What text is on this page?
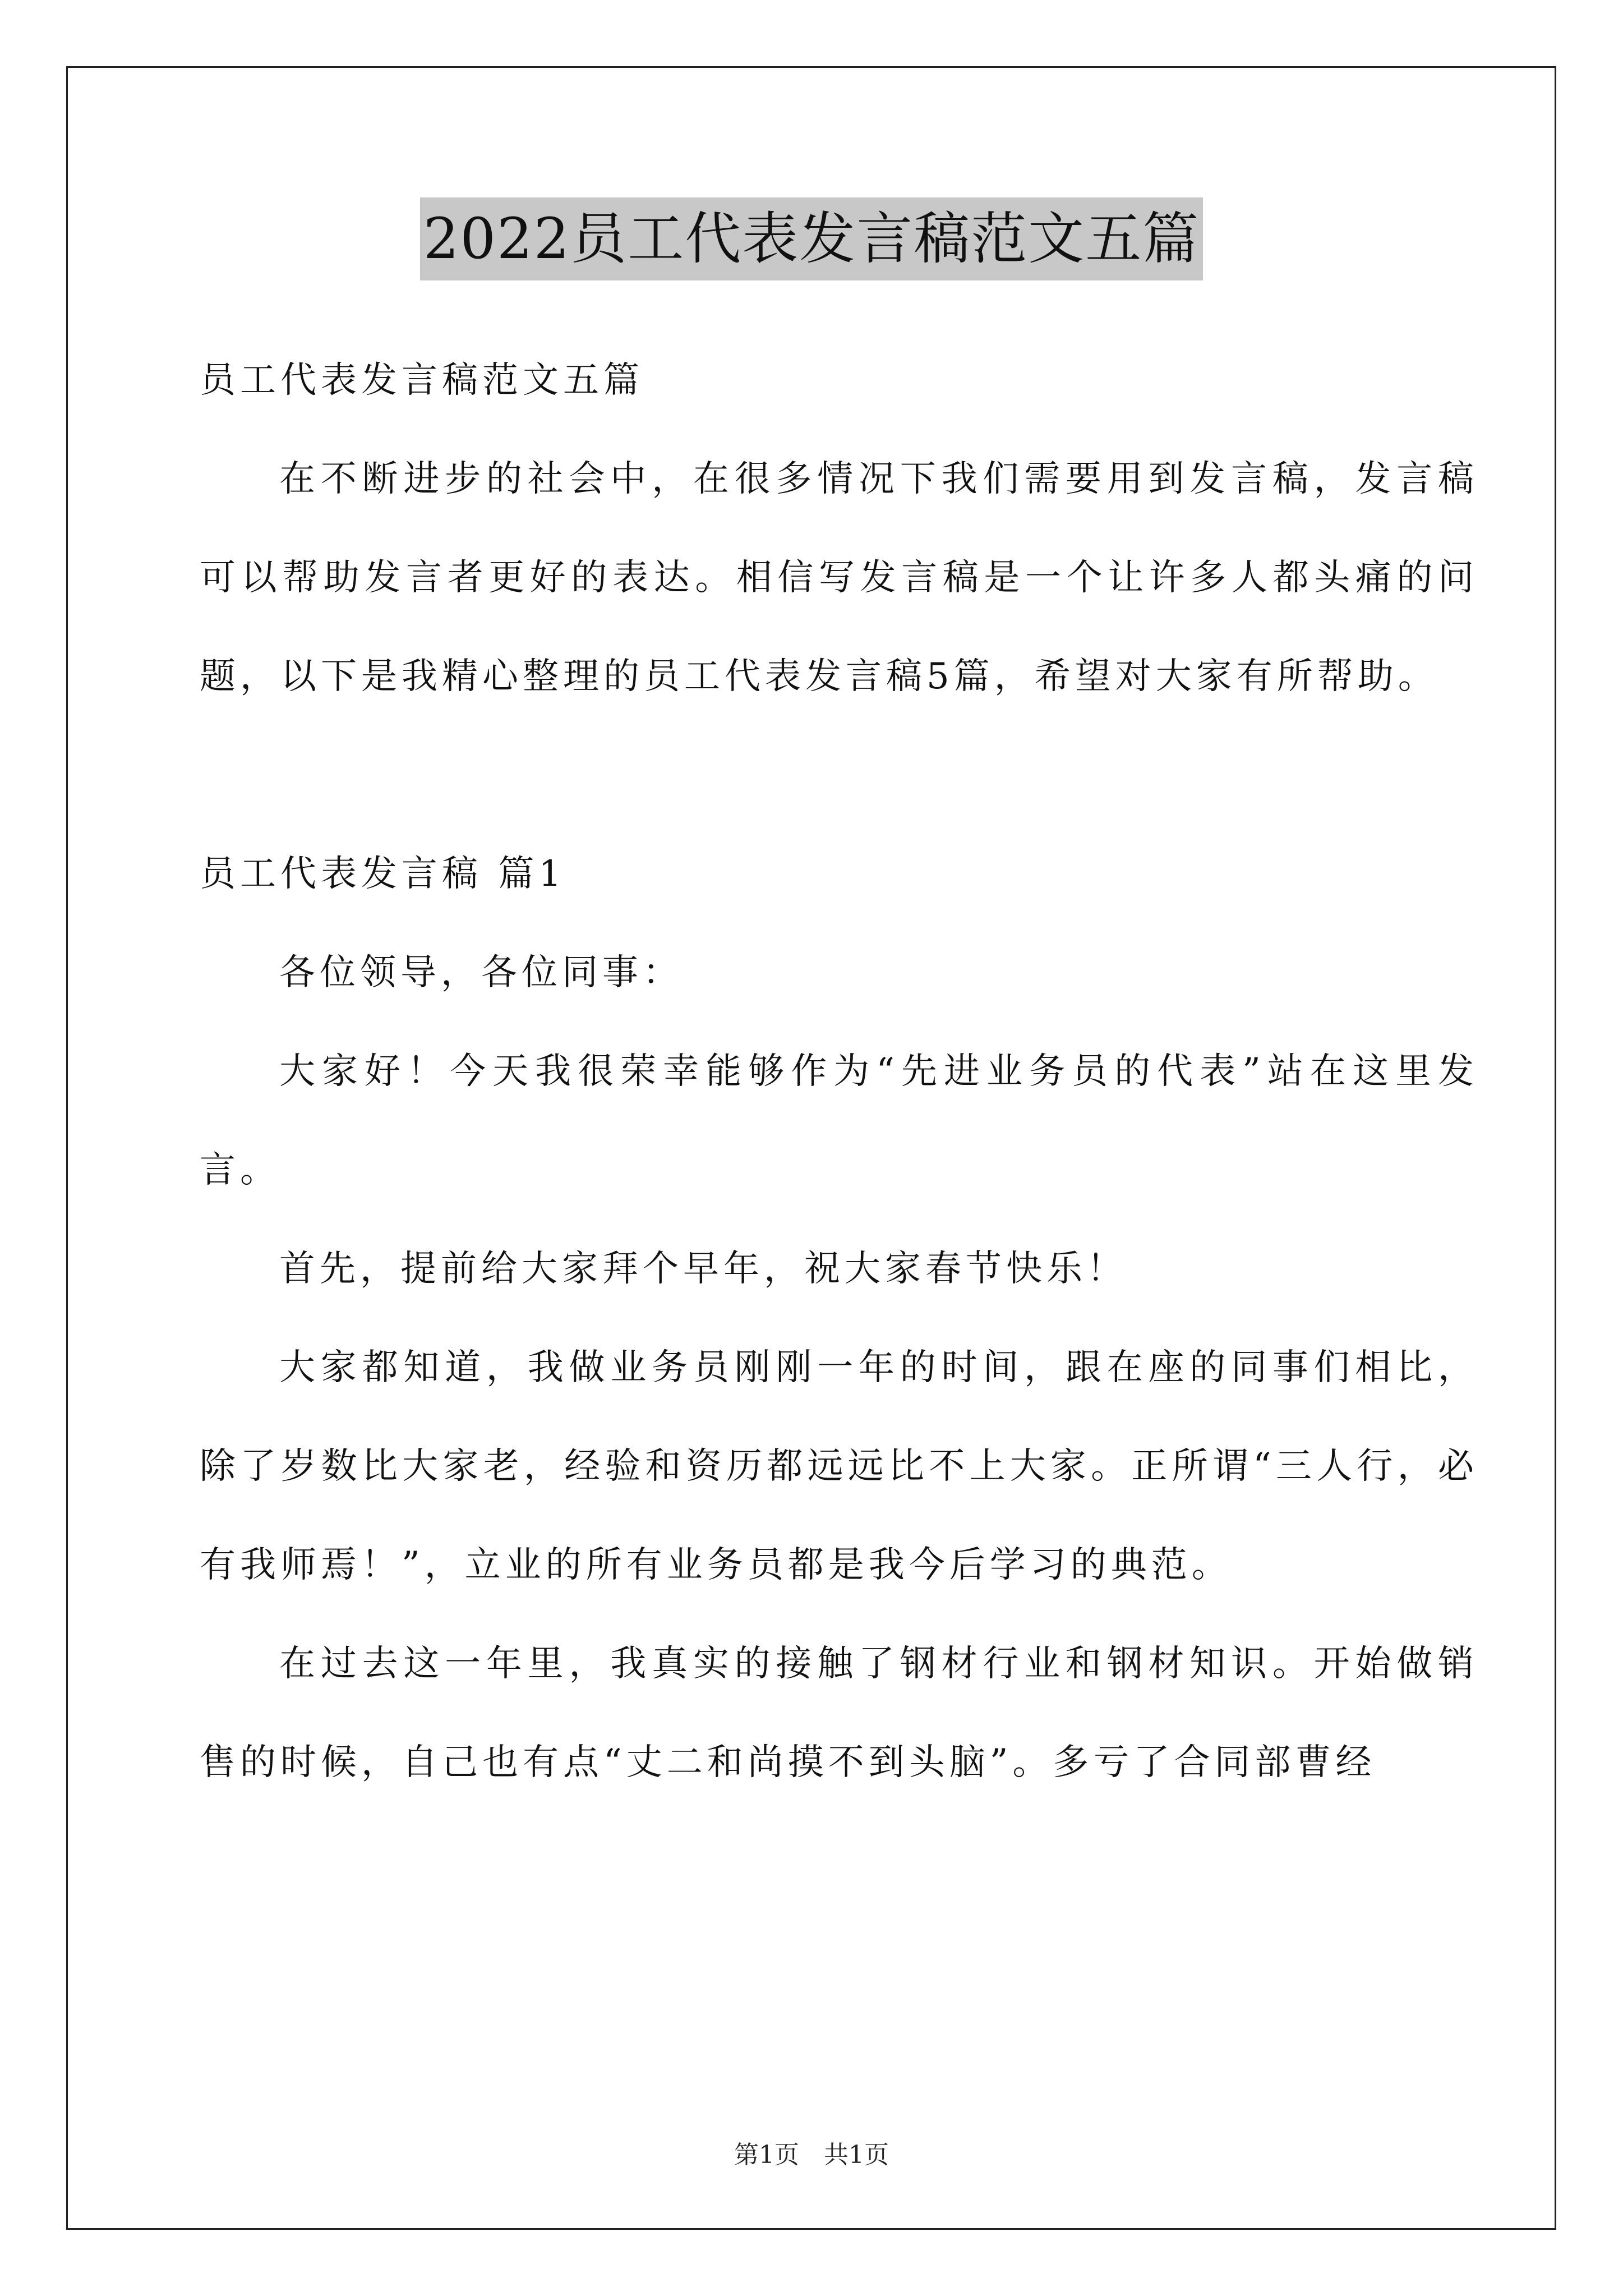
2022员工代表发言稿范文五篇

员工代表发言稿范文五篇

在不断进步的社会中，在很多情况下我们需要用到发言稿，发言稿可以帮助发言者更好的表达。相信写发言稿是一个让许多人都头痛的问题，以下是我精心整理的员工代表发言稿5篇，希望对大家有所帮助。

员工代表发言稿 篇1

各位领导，各位同事：

大家好！今天我很荣幸能够作为“先进业务员的代表”站在这里发言。

首先，提前给大家拜个早年，祝大家春节快乐！

大家都知道，我做业务员刚刚一年的时间，跟在座的同事们相比，除了岁数比大家老，经验和资历都远远比不上大家。正所谓“三人行，必有我师焉！”，立业的所有业务员都是我今后学习的典范。

在过去这一年里，我真实的接触了钢材行业和钢材知识。开始做销售的时候，自己也有点“丈二和尚摸不到头脑”。多亏了合同部曹经

第1页 共1页
